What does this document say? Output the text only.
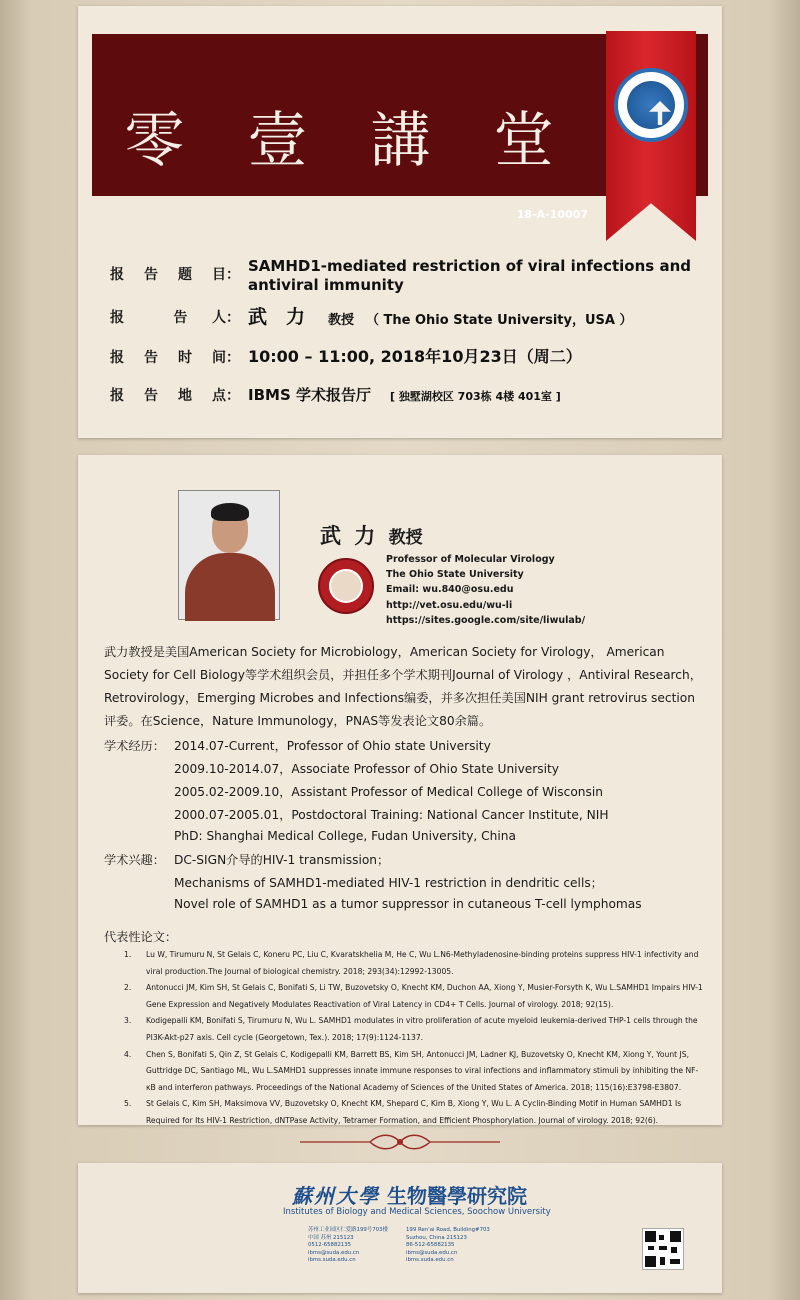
零 壹 講 堂
18-A-10007
报 告 题 目： SAMHD1-mediated restriction of viral infections and antiviral immunity
报	告 人： 武　力 教授 （ The Ohio State University，USA ）
报 告 时 间： 10:00 – 11:00, 2018年10月23日（周二）
报 告 地 点： IBMS 学术报告厅 [ 独墅湖校区 703栋 4楼 401室 ]
武 力 教授
Professor of Molecular Virology
The Ohio State University
Email: wu.840@osu.edu
http://vet.osu.edu/wu-li
https://sites.google.com/site/liwulab/
武力教授是美国American Society for Microbiology，American Society for Virology， American Society for Cell Biology等学术组织会员，并担任多个学术期刊Journal of Virology ，Antiviral Research，Retrovirology，Emerging Microbes and Infections编委，并多次担任美国NIH grant retrovirus section 评委。在Science，Nature Immunology，PNAS等发表论文80余篇。
学术经历： 2014.07-Current，Professor of Ohio state University
2009.10-2014.07，Associate Professor of Ohio State University
2005.02-2009.10，Assistant Professor of Medical College of Wisconsin
2000.07-2005.01，Postdoctoral Training: National Cancer Institute, NIH
PhD: Shanghai Medical College, Fudan University, China
学术兴趣： DC-SIGN介导的HIV-1 transmission；
Mechanisms of SAMHD1-mediated HIV-1 restriction in dendritic cells；
Novel role of SAMHD1 as a tumor suppressor in cutaneous T-cell lymphomas
代表性论文：
1.	Lu W, Tirumuru N, St Gelais C, Koneru PC, Liu C, Kvaratskhelia M, He C, Wu L.N6-Methyladenosine-binding proteins suppress HIV-1 infectivity and viral production.The Journal of biological chemistry. 2018; 293(34):12992-13005.
2.	Antonucci JM, Kim SH, St Gelais C, Bonifati S, Li TW, Buzovetsky O, Knecht KM, Duchon AA, Xiong Y, Musier-Forsyth K, Wu L.SAMHD1 Impairs HIV-1 Gene Expression and Negatively Modulates Reactivation of Viral Latency in CD4+ T Cells. Journal of virology. 2018; 92(15).
3.	Kodigepalli KM, Bonifati S, Tirumuru N, Wu L. SAMHD1 modulates in vitro proliferation of acute myeloid leukemia-derived THP-1 cells through the PI3K-Akt-p27 axis. Cell cycle (Georgetown, Tex.). 2018; 17(9):1124-1137.
4.	Chen S, Bonifati S, Qin Z, St Gelais C, Kodigepalli KM, Barrett BS, Kim SH, Antonucci JM, Ladner KJ, Buzovetsky O, Knecht KM, Xiong Y, Yount JS, Guttridge DC, Santiago ML, Wu L.SAMHD1 suppresses innate immune responses to viral infections and inflammatory stimuli by inhibiting the NF-κB and interferon pathways. Proceedings of the National Academy of Sciences of the United States of America. 2018; 115(16):E3798-E3807.
5.	St Gelais C, Kim SH, Maksimova VV, Buzovetsky O, Knecht KM, Shepard C, Kim B, Xiong Y, Wu L. A Cyclin-Binding Motif in Human SAMHD1 Is Required for Its HIV-1 Restriction, dNTPase Activity, Tetramer Formation, and Efficient Phosphorylation. Journal of virology. 2018; 92(6).
蘇州大學 生物醫學研究院
Institutes of Biology and Medical Sciences, Soochow University
苏州工业园区仁爱路199号703楼
中国 苏州 215123
0512-65882135
ibms@suda.edu.cn
ibms.suda.edu.cn
199 Ren'ai Road, Building#703
Suzhou, China 215123
86-512-65882135
ibms@suda.edu.cn
ibms.suda.edu.cn
